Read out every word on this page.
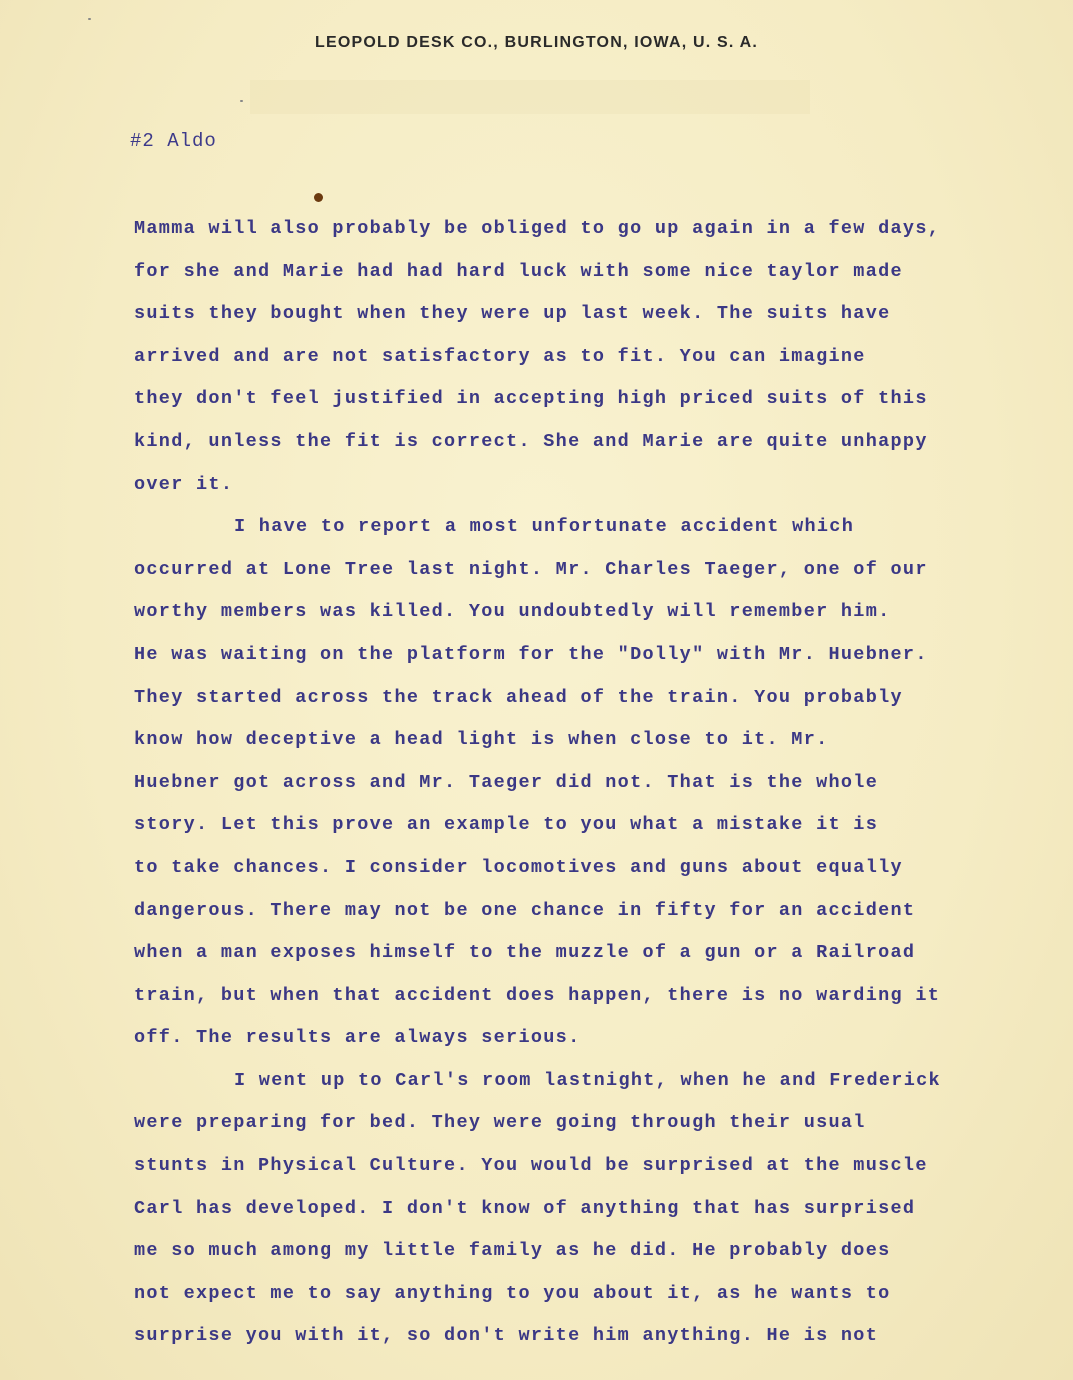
LEOPOLD DESK CO., BURLINGTON, IOWA, U. S. A.
#2 Aldo
Mamma will also probably be obliged to go up again in a few days,
for she and Marie had had hard luck with some nice taylor made
suits they bought when they were up last week. The suits have
arrived and are not satisfactory as to fit. You can imagine
they don't feel justified in accepting high priced suits of this
kind, unless the fit is correct. She and Marie are quite unhappy
over it.
I have to report a most unfortunate accident which
occurred at Lone Tree last night. Mr. Charles Taeger, one of our
worthy members was killed. You undoubtedly will remember him.
He was waiting on the platform for the "Dolly" with Mr. Huebner.
They started across the track ahead of the train. You probably
know how deceptive a head light is when close to it. Mr.
Huebner got across and Mr. Taeger did not. That is the whole
story. Let this prove an example to you what a mistake it is
to take chances. I consider locomotives and guns about equally
dangerous. There may not be one chance in fifty for an accident
when a man exposes himself to the muzzle of a gun or a Railroad
train, but when that accident does happen, there is no warding it
off. The results are always serious.
I went up to Carl's room lastnight, when he and Frederick
were preparing for bed. They were going through their usual
stunts in Physical Culture. You would be surprised at the muscle
Carl has developed. I don't know of anything that has surprised
me so much among my little family as he did. He probably does
not expect me to say anything to you about it, as he wants to
surprise you with it, so don't write him anything. He is not
